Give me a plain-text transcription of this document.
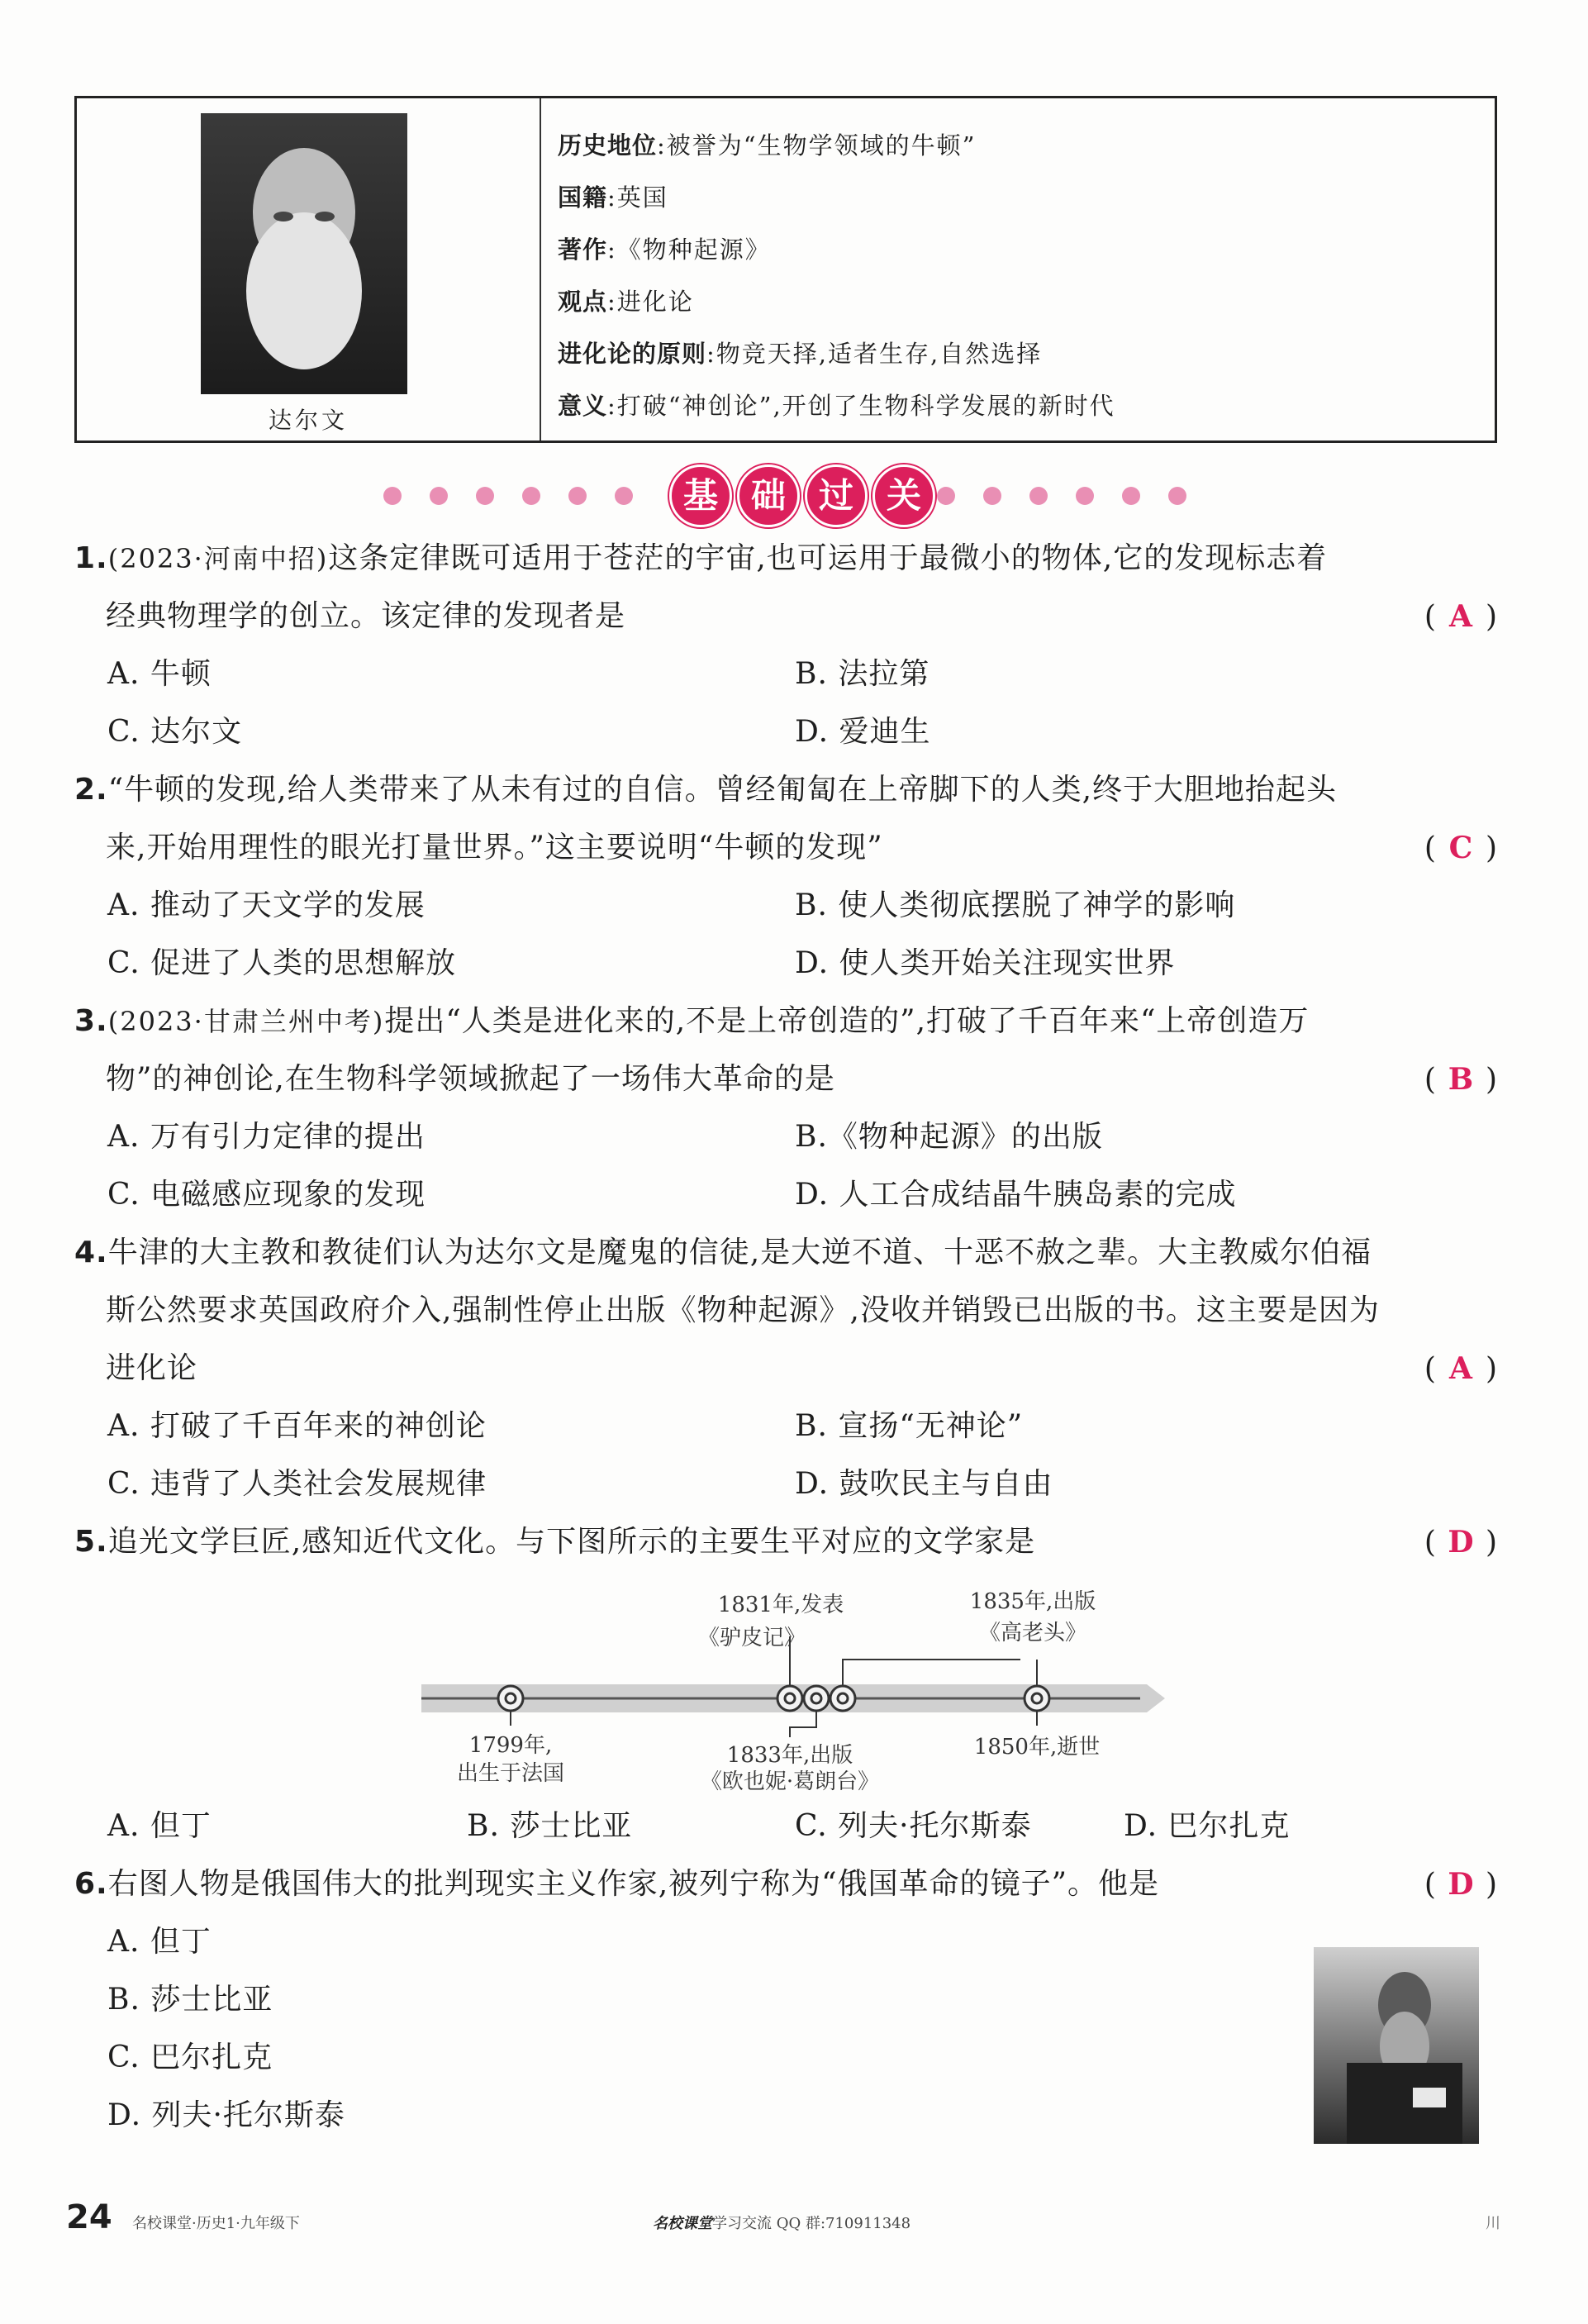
达尔文
历史地位:被誉为“生物学领域的牛顿”
国籍:英国
著作:《物种起源》
观点:进化论
进化论的原则:物竞天择,适者生存,自然选择
意义:打破“神创论”,开创了生物科学发展的新时代
基 础 过 关
1.(2023·河南中招)这条定律既可适用于苍茫的宇宙,也可运用于最微小的物体,它的发现标志着
经典物理学的创立。该定律的发现者是	( A )
A. 牛顿	B. 法拉第
C. 达尔文	D. 爱迪生
2.“牛顿的发现,给人类带来了从未有过的自信。曾经匍匐在上帝脚下的人类,终于大胆地抬起头
来,开始用理性的眼光打量世界。”这主要说明“牛顿的发现”	( C )
A. 推动了天文学的发展	B. 使人类彻底摆脱了神学的影响
C. 促进了人类的思想解放	D. 使人类开始关注现实世界
3.(2023·甘肃兰州中考)提出“人类是进化来的,不是上帝创造的”,打破了千百年来“上帝创造万
物”的神创论,在生物科学领域掀起了一场伟大革命的是	( B )
A. 万有引力定律的提出	B.《物种起源》的出版
C. 电磁感应现象的发现	D. 人工合成结晶牛胰岛素的完成
4.牛津的大主教和教徒们认为达尔文是魔鬼的信徒,是大逆不道、十恶不赦之辈。大主教威尔伯福
斯公然要求英国政府介入,强制性停止出版《物种起源》,没收并销毁已出版的书。这主要是因为
进化论	( A )
A. 打破了千百年来的神创论	B. 宣扬“无神论”
C. 违背了人类社会发展规律	D. 鼓吹民主与自由
5.追光文学巨匠,感知近代文化。与下图所示的主要生平对应的文学家是	( D )
1831年,发表
《驴皮记》
1835年,出版
《高老头》
1799年,
出生于法国
1833年,出版
《欧也妮·葛朗台》
1850年,逝世
A. 但丁	B. 莎士比亚	C. 列夫·托尔斯泰	D. 巴尔扎克
6.右图人物是俄国伟大的批判现实主义作家,被列宁称为“俄国革命的镜子”。他是	( D )
A. 但丁
B. 莎士比亚
C. 巴尔扎克
D. 列夫·托尔斯泰
24 名校课堂·历史1·九年级下	名校课堂学习交流 QQ 群:710911348	川
